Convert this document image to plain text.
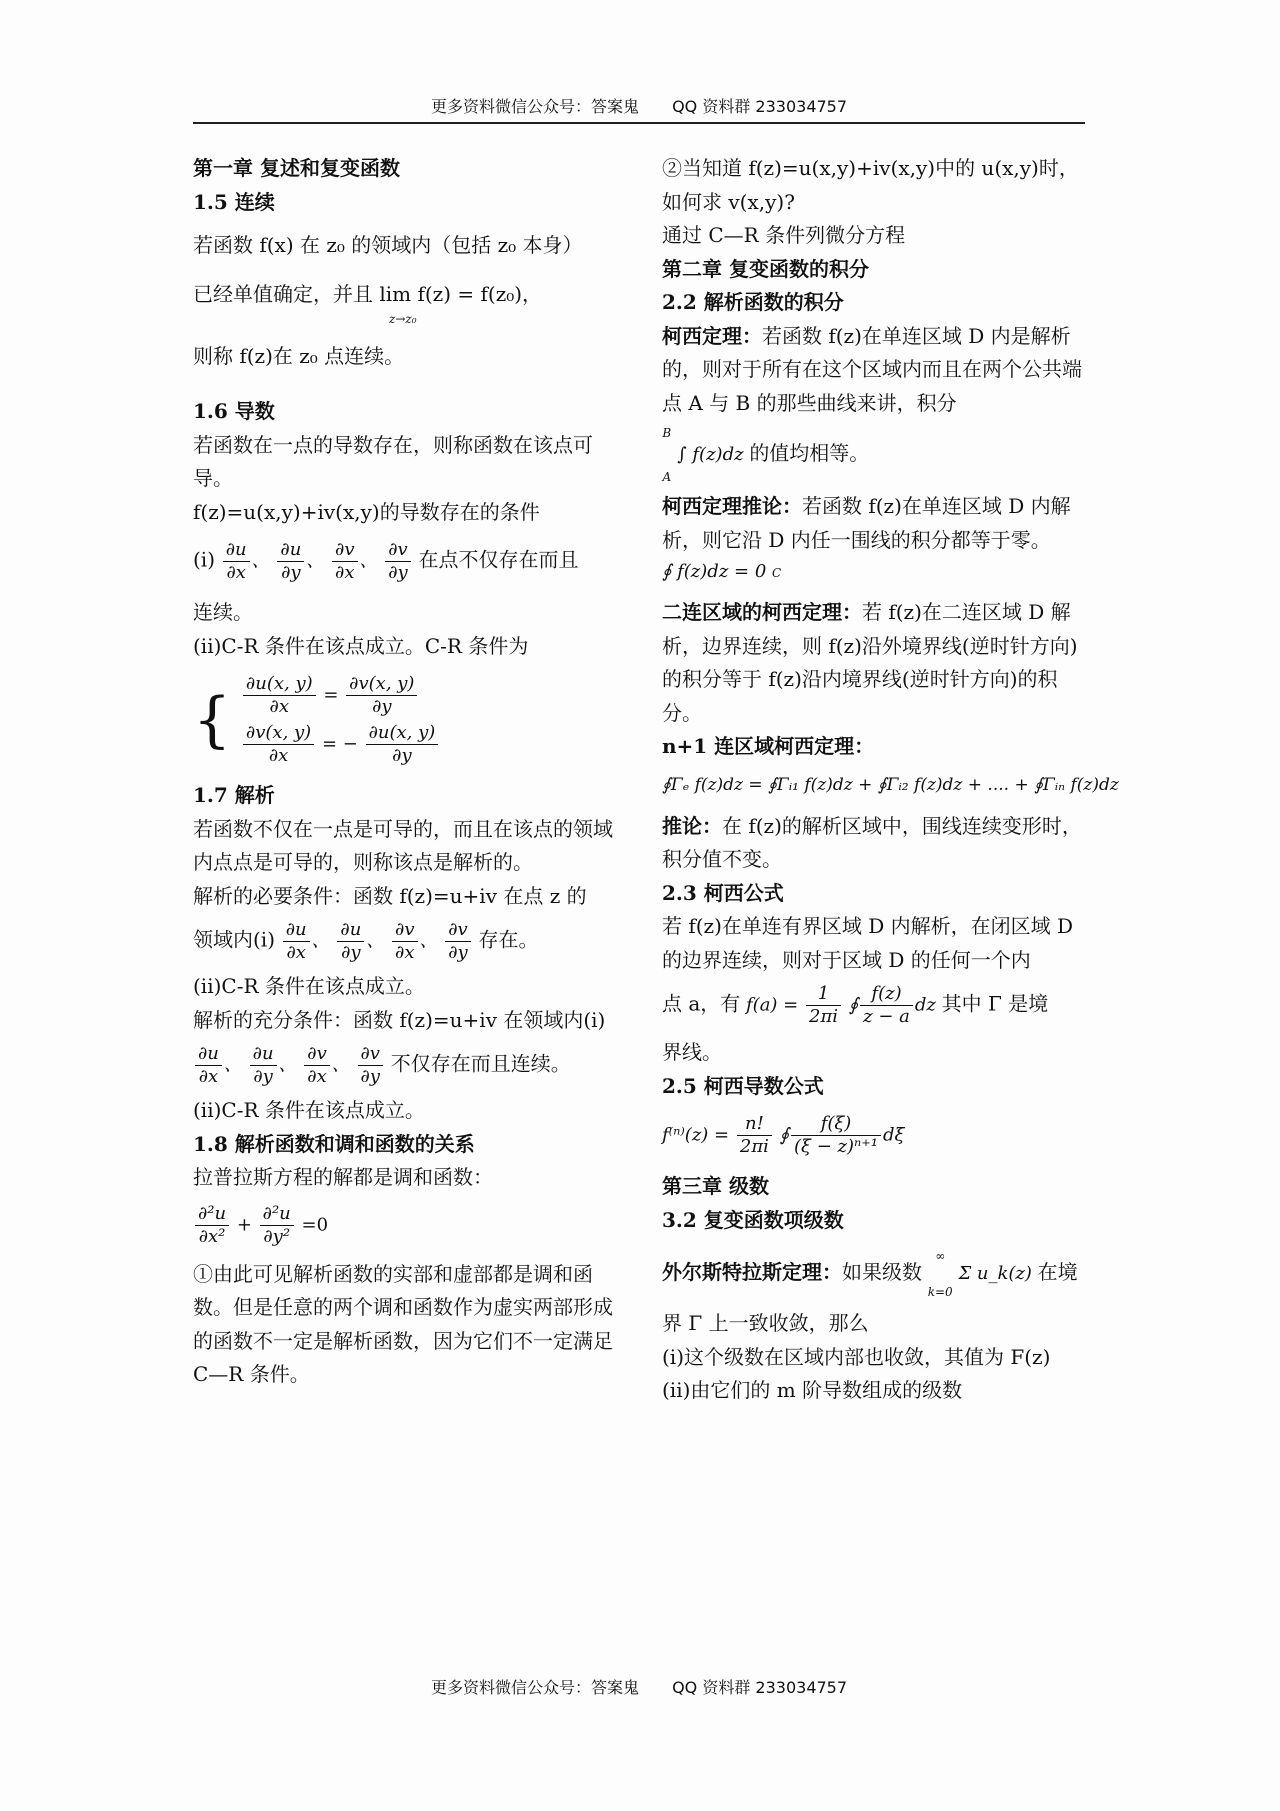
更多资料微信公众号：答案鬼 QQ 资料群 233034757

第一章 复述和复变函数

1.5 连续

若函数 f(x) 在 z₀ 的领域内（包括 z₀ 本身）

已经单值确定，并且 lim f(z) = f(z₀)，
z→z₀

则称 f(z)在 z₀ 点连续。

1.6 导数

若函数在一点的导数存在，则称函数在该点可导。

f(z)=u(x,y)+iv(x,y)的导数存在的条件

$(i) \frac{\partial u}{\partial x}$ 、 $\frac{\partial u}{\partial y}$ 、 $\frac{\partial v}{\partial x}$ 、 $\frac{\partial v}{\partial y}$ 在点不仅存在而且

连续。

(ii)C-R 条件在该点成立。C-R 条件为

{ $\frac{\partial u(x, y)}{\partial x} = \frac{\partial v(x, y)}{\partial y}$
$\frac{\partial v(x, y)}{\partial x}$ = − $\frac{\partial u(x, y)}{\partial y}$

1.7 解析

若函数不仅在一点是可导的，而且在该点的领域内点点是可导的，则称该点是解析的。

解析的必要条件：函数 f(z)=u+iv 在点 z 的

领域内$(i) \frac{\partial u}{\partial x}$ 、 $\frac{\partial u}{\partial y}$ 、 $\frac{\partial v}{\partial x}$ 、 $\frac{\partial v}{\partial y}$ 存在。

(ii)C-R 条件在该点成立。

解析的充分条件：函数 f(z)=u+iv 在领域内(i)

$\frac{\partial u}{\partial x}$ 、 $\frac{\partial u}{\partial y}$ 、 $\frac{\partial v}{\partial x}$ 、 $\frac{\partial v}{\partial y}$ 不仅存在而且连续。

(ii)C-R 条件在该点成立。

1.8 解析函数和调和函数的关系

拉普拉斯方程的解都是调和函数：

$\frac{\text{∂²u}}{\text{∂x²}} + \frac{\text{∂²u}}{\text{∂y²}} =0$

①由此可见解析函数的实部和虚部都是调和函数。但是任意的两个调和函数作为虚实两部形成的函数不一定是解析函数，因为它们不一定满足 C—R 条件。

②当知道 f(z)=u(x,y)+iv(x,y)中的 u(x,y)时，如何求 v(x,y)?

通过 C—R 条件列微分方程

第二章 复变函数的积分

2.2 解析函数的积分

柯西定理：若函数 f(z)在单连区域 D 内是解析的，则对于所有在这个区域内而且在两个公共端点 A 与 B 的那些曲线来讲，积分

B

A
∫ f(z)dz 的值均相等。

柯西定理推论：若函数 f(z)在单连区域 D 内解析，则它沿 D 内任一围线的积分都等于零。

∮ f(z)dz = 0 C

二连区域的柯西定理：若 f(z)在二连区域 D 解析，边界连续，则 f(z)沿外境界线(逆时针方向)的积分等于 f(z)沿内境界线(逆时针方向)的积分。

n+1 连区域柯西定理：

∮Γₑ f(z)dz = ∮Γᵢ₁ f(z)dz + ∮Γᵢ₂ f(z)dz + .... + ∮Γᵢₙ f(z)dz

推论：在 f(z)的解析区域中，围线连续变形时，积分值不变。

2.3 柯西公式

若 f(z)在单连有界区域 D 内解析，在闭区域 D 的边界连续，则对于区域 D 的任何一个内

点 a，有 $f(a) = \frac{1}{2\pi i}$ ∮ $\frac{f(z)}{z - a}$ dz 其中 Γ 是境

界线。

2.5 柯西导数公式

$f^{(n)}(z) = \frac{n!}{2\pi i}$ ∮ $\frac{f(\xi)}{\text{(ξ − z)ⁿ⁺¹}}$ dξ

第三章 级数

3.2 复变函数项级数

外尔斯特拉斯定理：如果级数
∞

k=0
Σ u_k(z) 在境

界 Γ 上一致收敛，那么

(i)这个级数在区域内部也收敛，其值为 F(z)

(ii)由它们的 m 阶导数组成的级数

更多资料微信公众号：答案鬼 QQ 资料群 233034757
